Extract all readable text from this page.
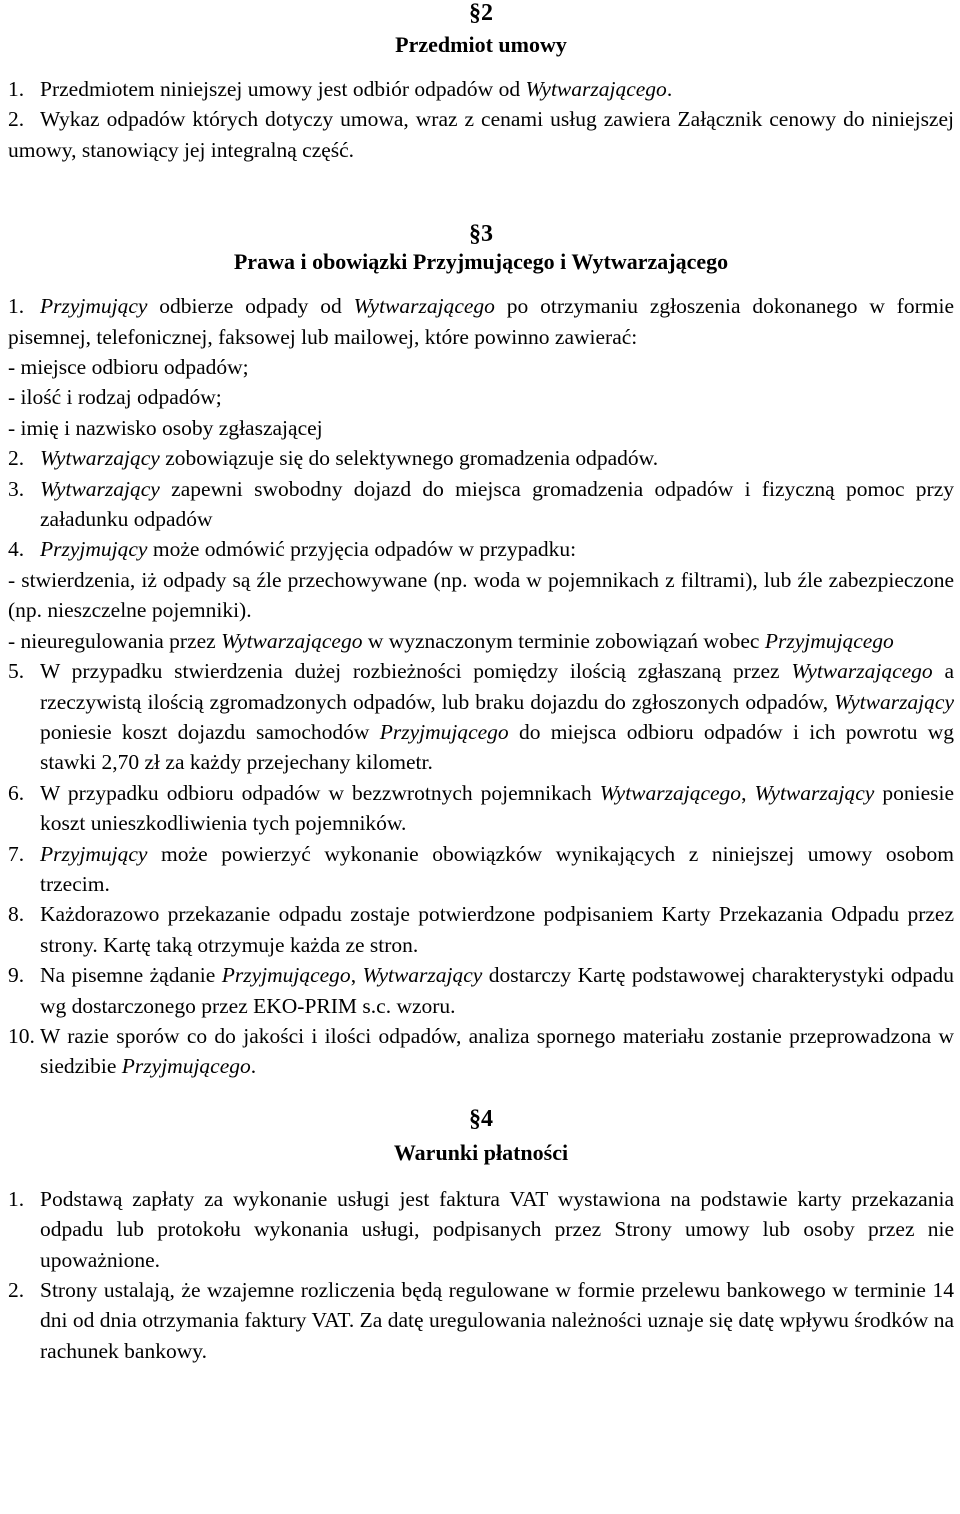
§2
Przedmiot umowy
1. Przedmiotem niniejszej umowy jest odbiór odpadów od Wytwarzającego.
2. Wykaz odpadów których dotyczy umowa, wraz z cenami usług zawiera Załącznik cenowy do niniejszej umowy, stanowiący jej integralną część.
§3
Prawa i obowiązki Przyjmującego i Wytwarzającego
1. Przyjmujący odbierze odpady od Wytwarzającego po otrzymaniu zgłoszenia dokonanego w formie pisemnej, telefonicznej, faksowej lub mailowej, które powinno zawierać:
- miejsce odbioru odpadów;
- ilość i rodzaj odpadów;
- imię i nazwisko osoby zgłaszającej
2. Wytwarzający zobowiązuje się do selektywnego gromadzenia odpadów.
3. Wytwarzający zapewni swobodny dojazd do miejsca gromadzenia odpadów i fizyczną pomoc przy załadunku odpadów
4. Przyjmujący może odmówić przyjęcia odpadów w przypadku:
- stwierdzenia, iż odpady są źle przechowywane (np. woda w pojemnikach z filtrami), lub źle zabezpieczone (np. nieszczelne pojemniki).
- nieuregulowania przez Wytwarzającego w wyznaczonym terminie zobowiązań wobec Przyjmującego
5. W przypadku stwierdzenia dużej rozbieżności pomiędzy ilością zgłaszaną przez Wytwarzającego a rzeczywistą ilością zgromadzonych odpadów, lub braku dojazdu do zgłoszonych odpadów, Wytwarzający poniesie koszt dojazdu samochodów Przyjmującego do miejsca odbioru odpadów i ich powrotu wg stawki 2,70 zł za każdy przejechany kilometr.
6. W przypadku odbioru odpadów w bezzwrotnych pojemnikach Wytwarzającego, Wytwarzający poniesie koszt unieszkodliwienia tych pojemników.
7. Przyjmujący może powierzyć wykonanie obowiązków wynikających z niniejszej umowy osobom trzecim.
8. Każdorazowo przekazanie odpadu zostaje potwierdzone podpisaniem Karty Przekazania Odpadu przez strony. Kartę taką otrzymuje każda ze stron.
9. Na pisemne żądanie Przyjmującego, Wytwarzający dostarczy Kartę podstawowej charakterystyki odpadu wg dostarczonego przez EKO-PRIM s.c. wzoru.
10. W razie sporów co do jakości i ilości odpadów, analiza spornego materiału zostanie przeprowadzona w siedzibie Przyjmującego.
§4
Warunki płatności
1. Podstawą zapłaty za wykonanie usługi jest faktura VAT wystawiona na podstawie karty przekazania odpadu lub protokołu wykonania usługi, podpisanych przez Strony umowy lub osoby przez nie upoważnione.
2. Strony ustalają, że wzajemne rozliczenia będą regulowane w formie przelewu bankowego w terminie 14 dni od dnia otrzymania faktury VAT. Za datę uregulowania należności uznaje się datę wpływu środków na rachunek bankowy.
